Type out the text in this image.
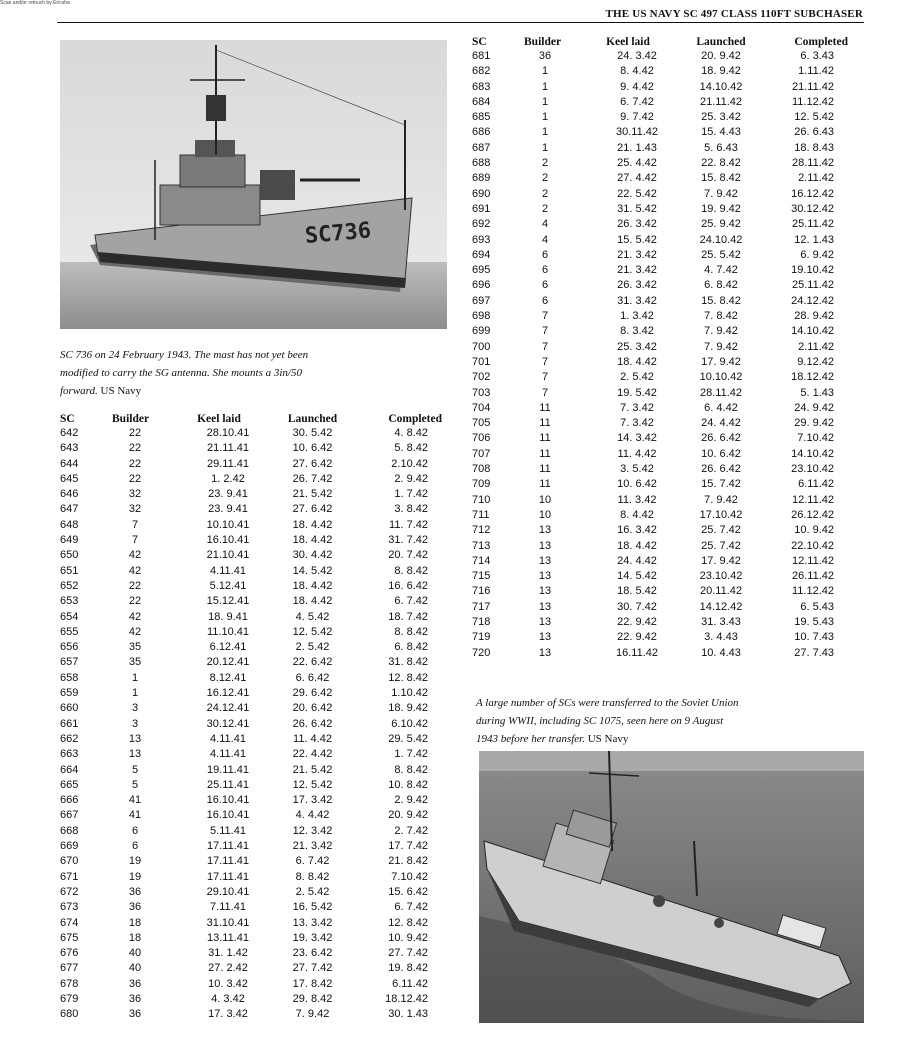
Scan and/or retouch by Ericsha
THE US NAVY SC 497 CLASS 110FT SUBCHASER
SC736
SC 736 on 24 February 1943. The mast has not yet been modified to carry the SG antenna. She mounts a 3in/50 forward. US Navy
SC	Builder	Keel laid	Launched	Completed
642	22	28.10.41	30. 5.42	4. 8.42
643	22	21.11.41	10. 6.42	5. 8.42
644	22	29.11.41	27. 6.42	2.10.42
645	22	1. 2.42	26. 7.42	2. 9.42
646	32	23. 9.41	21. 5.42	1. 7.42
647	32	23. 9.41	27. 6.42	3. 8.42
648	7	10.10.41	18. 4.42	11. 7.42
649	7	16.10.41	18. 4.42	31. 7.42
650	42	21.10.41	30. 4.42	20. 7.42
651	42	4.11.41	14. 5.42	8. 8.42
652	22	5.12.41	18. 4.42	16. 6.42
653	22	15.12.41	18. 4.42	6. 7.42
654	42	18. 9.41	4. 5.42	18. 7.42
655	42	11.10.41	12. 5.42	8. 8.42
656	35	6.12.41	2. 5.42	6. 8.42
657	35	20.12.41	22. 6.42	31. 8.42
658	1	8.12.41	6. 6.42	12. 8.42
659	1	16.12.41	29. 6.42	1.10.42
660	3	24.12.41	20. 6.42	18. 9.42
661	3	30.12.41	26. 6.42	6.10.42
662	13	4.11.41	11. 4.42	29. 5.42
663	13	4.11.41	22. 4.42	1. 7.42
664	5	19.11.41	21. 5.42	8. 8.42
665	5	25.11.41	12. 5.42	10. 8.42
666	41	16.10.41	17. 3.42	2. 9.42
667	41	16.10.41	4. 4.42	20. 9.42
668	6	5.11.41	12. 3.42	2. 7.42
669	6	17.11.41	21. 3.42	17. 7.42
670	19	17.11.41	6. 7.42	21. 8.42
671	19	17.11.41	8. 8.42	7.10.42
672	36	29.10.41	2. 5.42	15. 6.42
673	36	7.11.41	16. 5.42	6. 7.42
674	18	31.10.41	13. 3.42	12. 8.42
675	18	13.11.41	19. 3.42	10. 9.42
676	40	31. 1.42	23. 6.42	27. 7.42
677	40	27. 2.42	27. 7.42	19. 8.42
678	36	10. 3.42	17. 8.42	6.11.42
679	36	4. 3.42	29. 8.42	18.12.42
680	36	17. 3.42	7. 9.42	30. 1.43
SC	Builder	Keel laid	Launched	Completed
681	36	24. 3.42	20. 9.42	6. 3.43
682	1	8. 4.42	18. 9.42	1.11.42
683	1	9. 4.42	14.10.42	21.11.42
684	1	6. 7.42	21.11.42	11.12.42
685	1	9. 7.42	25. 3.42	12. 5.42
686	1	30.11.42	15. 4.43	26. 6.43
687	1	21. 1.43	5. 6.43	18. 8.43
688	2	25. 4.42	22. 8.42	28.11.42
689	2	27. 4.42	15. 8.42	2.11.42
690	2	22. 5.42	7. 9.42	16.12.42
691	2	31. 5.42	19. 9.42	30.12.42
692	4	26. 3.42	25. 9.42	25.11.42
693	4	15. 5.42	24.10.42	12. 1.43
694	6	21. 3.42	25. 5.42	6. 9.42
695	6	21. 3.42	4. 7.42	19.10.42
696	6	26. 3.42	6. 8.42	25.11.42
697	6	31. 3.42	15. 8.42	24.12.42
698	7	1. 3.42	7. 8.42	28. 9.42
699	7	8. 3.42	7. 9.42	14.10.42
700	7	25. 3.42	7. 9.42	2.11.42
701	7	18. 4.42	17. 9.42	9.12.42
702	7	2. 5.42	10.10.42	18.12.42
703	7	19. 5.42	28.11.42	5. 1.43
704	11	7. 3.42	6. 4.42	24. 9.42
705	11	7. 3.42	24. 4.42	29. 9.42
706	11	14. 3.42	26. 6.42	7.10.42
707	11	11. 4.42	10. 6.42	14.10.42
708	11	3. 5.42	26. 6.42	23.10.42
709	11	10. 6.42	15. 7.42	6.11.42
710	10	11. 3.42	7. 9.42	12.11.42
711	10	8. 4.42	17.10.42	26.12.42
712	13	16. 3.42	25. 7.42	10. 9.42
713	13	18. 4.42	25. 7.42	22.10.42
714	13	24. 4.42	17. 9.42	12.11.42
715	13	14. 5.42	23.10.42	26.11.42
716	13	18. 5.42	20.11.42	11.12.42
717	13	30. 7.42	14.12.42	6. 5.43
718	13	22. 9.42	31. 3.43	19. 5.43
719	13	22. 9.42	3. 4.43	10. 7.43
720	13	16.11.42	10. 4.43	27. 7.43
A large number of SCs were transferred to the Soviet Union during WWII, including SC 1075, seen here on 9 August 1943 before her transfer. US Navy
